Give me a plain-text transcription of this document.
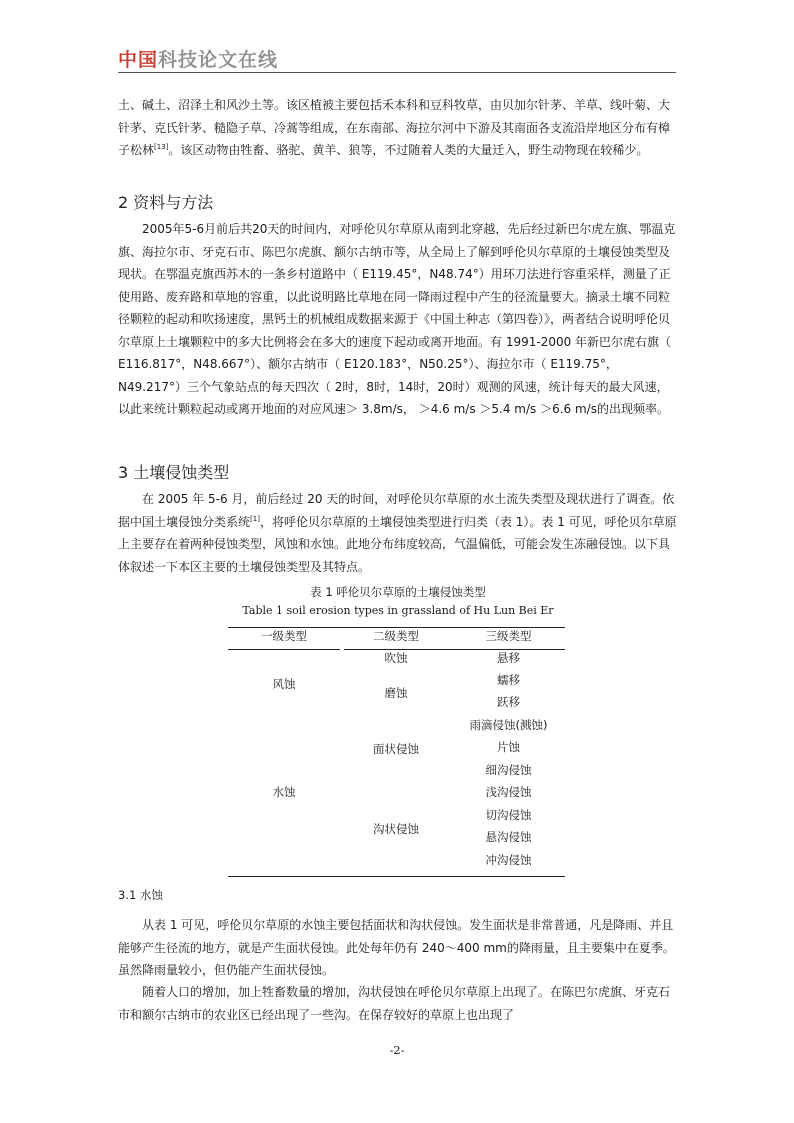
中国 科技论文在线

土、碱土、沼泽土和风沙土等。该区植被主要包括禾本科和豆科牧草，由贝加尔针茅、羊草、线叶菊、大针茅、克氏针茅、糙隐子草、冷蒿等组成，在东南部、海拉尔河中下游及其南面各支流沿岸地区分布有樟子松林[13]。该区动物由牲畜、骆驼、黄羊、狼等，不过随着人类的大量迁入，野生动物现在较稀少。

2 资料与方法

2005年5-6月前后共20天的时间内，对呼伦贝尔草原从南到北穿越，先后经过新巴尔虎左旗、鄂温克旗、海拉尔市、牙克石市、陈巴尔虎旗、额尔古纳市等，从全局上了解到呼伦贝尔草原的土壤侵蚀类型及现状。在鄂温克旗西苏木的一条乡村道路中（ E119.45°，N48.74°）用环刀法进行容重采样，测量了正使用路、废弃路和草地的容重，以此说明路比草地在同一降雨过程中产生的径流量要大。摘录土壤不同粒径颗粒的起动和吹扬速度，黑钙土的机械组成数据来源于《中国土种志（第四卷）》，两者结合说明呼伦贝尔草原上土壤颗粒中的多大比例将会在多大的速度下起动或离开地面。有 1991-2000 年新巴尔虎右旗（ E116.817°，N48.667°）、额尔古纳市（ E120.183°，N50.25°）、海拉尔市（ E119.75°，N49.217°）三个气象站点的每天四次（ 2时，8时，14时，20时）观测的风速，统计每天的最大风速，以此来统计颗粒起动或离开地面的对应风速＞ 3.8m/s， ＞4.6 m/s ＞5.4 m/s ＞6.6 m/s的出现频率。

3 土壤侵蚀类型

在 2005 年 5-6 月，前后经过 20 天的时间，对呼伦贝尔草原的水土流失类型及现状进行了调查。依据中国土壤侵蚀分类系统[1]，将呼伦贝尔草原的土壤侵蚀类型进行归类（表 1）。表 1 可见，呼伦贝尔草原上主要存在着两种侵蚀类型，风蚀和水蚀。此地分布纬度较高，气温偏低，可能会发生冻融侵蚀。以下具体叙述一下本区主要的土壤侵蚀类型及其特点。

表 1 呼伦贝尔草原的土壤侵蚀类型
Table 1 soil erosion types in grassland of Hu Lun Bei Er
一级类型	二级类型	三级类型
风蚀
水蚀
吹蚀
磨蚀
面状侵蚀
沟状侵蚀
悬移
蠕移
跃移
雨滴侵蚀(溅蚀)
片蚀
细沟侵蚀
浅沟侵蚀
切沟侵蚀
悬沟侵蚀
冲沟侵蚀
3.1 水蚀

从表 1 可见，呼伦贝尔草原的水蚀主要包括面状和沟状侵蚀。发生面状是非常普通，凡是降雨、并且能够产生径流的地方，就是产生面状侵蚀。此处每年仍有 240～400 mm的降雨量，且主要集中在夏季。虽然降雨量较小，但仍能产生面状侵蚀。

随着人口的增加，加上牲畜数量的增加，沟状侵蚀在呼伦贝尔草原上出现了。在陈巴尔虎旗、牙克石市和额尔古纳市的农业区已经出现了一些沟。在保存较好的草原上也出现了

-2-
